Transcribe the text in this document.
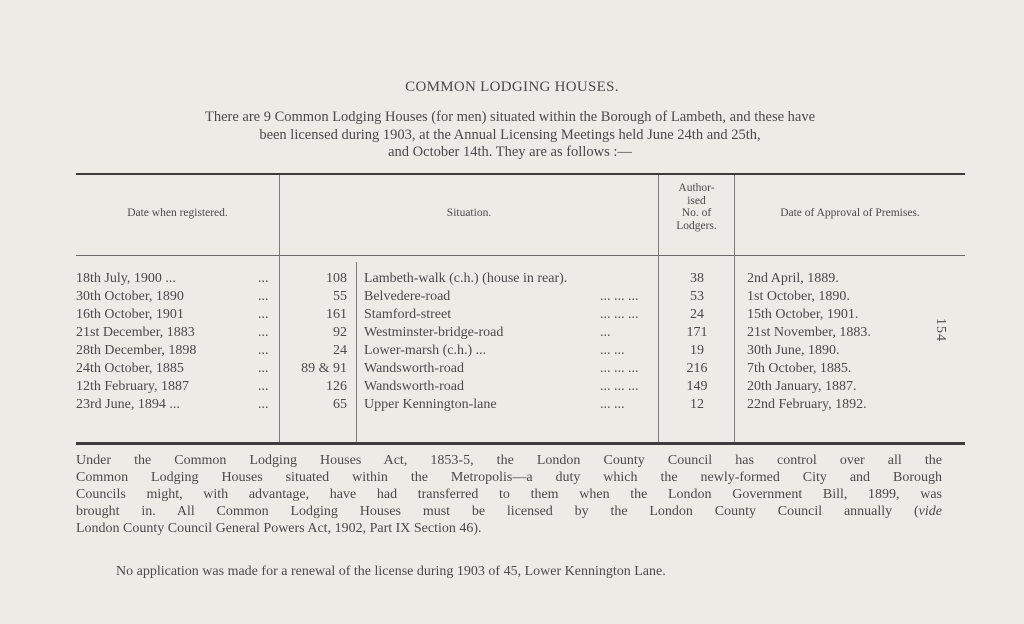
COMMON LODGING HOUSES.
There are 9 Common Lodging Houses (for men) situated within the Borough of Lambeth, and these have
been licensed during 1903, at the Annual Licensing Meetings held June 24th and 25th,
and October 14th. They are as follows :—
Date when registered.	Situation.
Author-
ised
No. of
Lodgers.
Date of Approval of Premises.
18th July, 1900 ...	...	108 Lambeth-walk (c.h.) (house in rear).	38	2nd April, 1889.
30th October, 1890	...	55 Belvedere-road	... ... ...	53	1st October, 1890.
16th October, 1901	...	161 Stamford-street	... ... ...	24	15th October, 1901.
21st December, 1883	...	92 Westminster-bridge-road	...	171	21st November, 1883.
28th December, 1898	...	24 Lower-marsh (c.h.) ...	... ...	19	30th June, 1890.
24th October, 1885	...	89 & 91 Wandsworth-road	... ... ...	216	7th October, 1885.
12th February, 1887	...	126 Wandsworth-road	... ... ...	149	20th January, 1887.
23rd June, 1894 ...	...	65 Upper Kennington-lane	... ...	12	22nd February, 1892.
154
Under the Common Lodging Houses Act, 1853-5, the London County Council has control over all the
Common Lodging Houses situated within the Metropolis—a duty which the newly-formed City and Borough
Councils might, with advantage, have had transferred to them when the London Government Bill, 1899, was
brought in. All Common Lodging Houses must be licensed by the London County Council annually (vide
London County Council General Powers Act, 1902, Part IX Section 46).
No application was made for a renewal of the license during 1903 of 45, Lower Kennington Lane.
